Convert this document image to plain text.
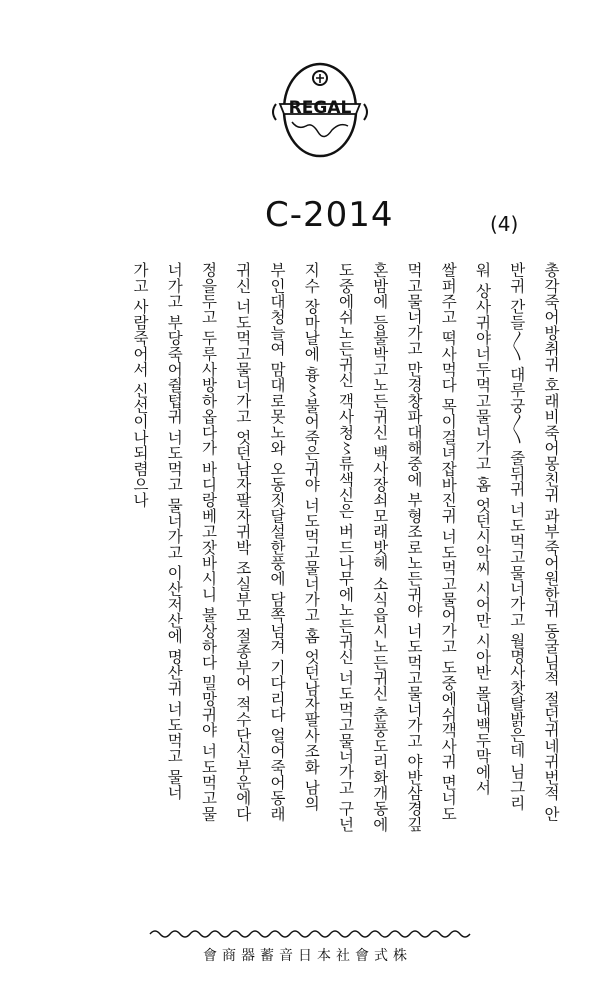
REGAL
C-2014	(4)
총각죽어방취귀 호래비죽어몽친귀 과부죽어원한귀 동굴님적 절던귀네귀번적 안
반귀 간들〳〵 대루궁〳〵 줄뒤귀 너도먹고물너가고 월명사찻탈밝은데 님그리
워 상사귀야너두먹고물너가고 홈 엇던시악씨 시어만 시아반 몰내백두막에서
쌀퍼주고 떡사먹다 목이걸녀잡바진귀 너도먹고물어가고 도중에쉬객사귀 면너도
먹고물너가고 만경창파대해중에 부형조로노든귀야 너도먹고물너가고 야반삼경깊
혼밤에 등불박고노든귀신 백사장쇠모래밧헤 소식읍시노든귀신 춘풍도리화개동에
도중에쉬노든귀신 객사청〻류색신은 버드나무에노든귀신 너도먹고물너가고 구넌
지수 장마날에 흉〻불어죽은귀야 너도먹고물너가고 홈 엇던남자팔사조화 남의
부인대청늘여 맘대로못노와 오동짓달설한풍에 담쪽넘겨 기다리다 얼어죽어동래
귀신 너도먹고물너가고 엇던남자팔자귀박 조실부모 절종부어 적수단신부운에다
정을두고 두루사방하옵다가 바디랑베고잣바시니 불상하다 밀망귀야 너도먹고물
너가고 부당죽어쥘텁귀 너도먹고 물너가고 이산저산에 명산귀 너도먹고 물너
가고 사람죽어서 신선이나되렴으나
會商器蓄音日本社會式株
